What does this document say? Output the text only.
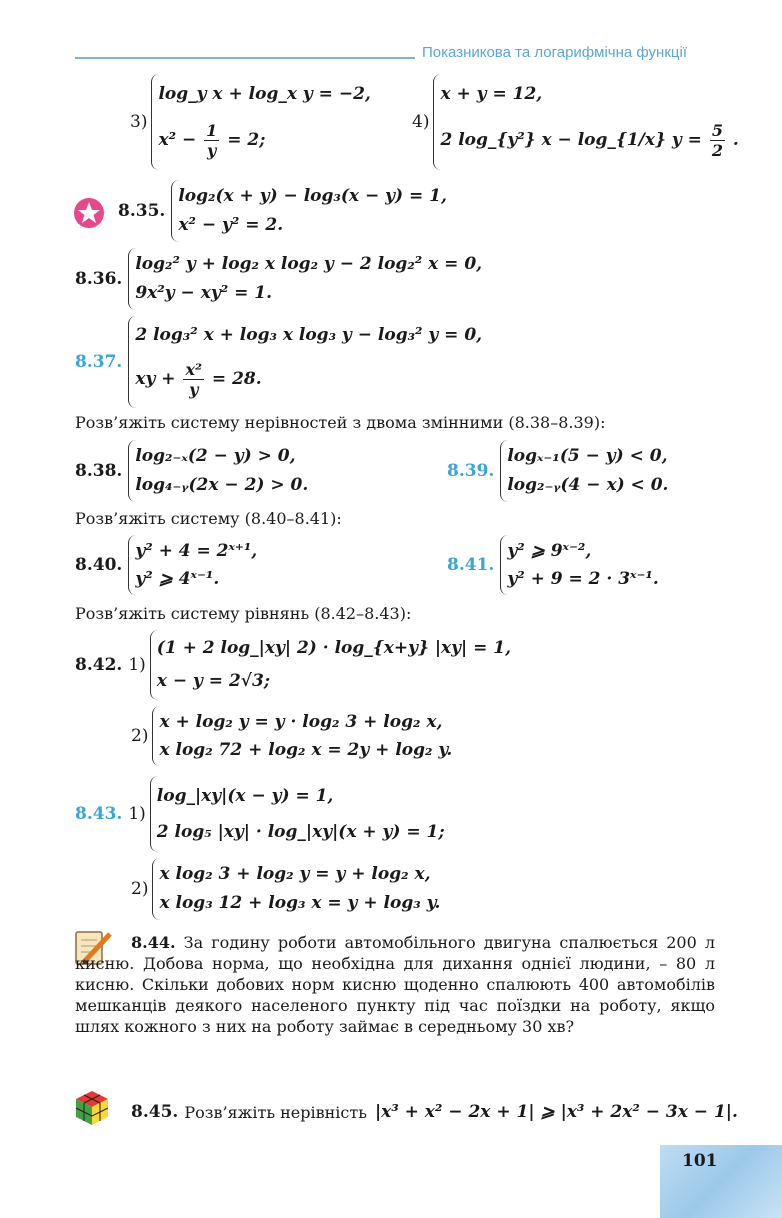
Показникова та логарифмічна функції
3)
log_y x + log_x y = −2,
$x^2 - \frac{1}{y} = 2$;
4)
x + y = 12,
2 log_{y²} x − log_{1/x} $y = \frac{5}{2}$ .
8.35.
log₂(x + y) − log₃(x − y) = 1,
x² − y² = 2.
8.36.
log₂² y + log₂ x log₂ y − 2 log₂² x = 0,
9x²y − xy² = 1.
8.37.
2 log₃² x + log₃ x log₃ y − log₃² y = 0,
xy + $\frac{\text{x²}}{y} = 28$.
Розв’яжіть систему нерівностей з двома змінними (8.38–8.39):
8.38.
log₂₋ₓ(2 − y) > 0,
log₄₋ᵧ(2x − 2) > 0.
8.39.
logₓ₋₁(5 − y) < 0,
log₂₋ᵧ(4 − x) < 0.
Розв’яжіть систему (8.40–8.41):
8.40.
y² + 4 = 2ˣ⁺¹,
y² ⩾ 4ˣ⁻¹.
8.41.
y² ⩾ 9ˣ⁻²,
y² + 9 = 2 · 3ˣ⁻¹.
Розв’яжіть систему рівнянь (8.42–8.43):
8.42. 1)
(1 + 2 log_|xy| 2) · log_{x+y} |xy| = 1,
x − y = 2√3;
2)
x + log₂ y = y · log₂ 3 + log₂ x,
x log₂ 72 + log₂ x = 2y + log₂ y.
8.43. 1)
log_|xy|(x − y) = 1,
2 log₅ |xy| · log_|xy|(x + y) = 1;
2)
x log₂ 3 + log₂ y = y + log₂ x,
x log₃ 12 + log₃ x = y + log₃ y.
8.44. За годину роботи автомобільного двигуна спалюється 200 л кисню. Добова норма, що необхідна для дихання однієї людини, – 80 л кисню. Скільки добових норм кисню щоденно спалюють 400 автомобілів мешканців деякого населеного пункту під час поїздки на роботу, якщо шлях кожного з них на роботу займає в середньому 30 хв?
8.45. Розв’яжіть нерівність |x³ + x² − 2x + 1| ⩾ |x³ + 2x² − 3x − 1|.
101
